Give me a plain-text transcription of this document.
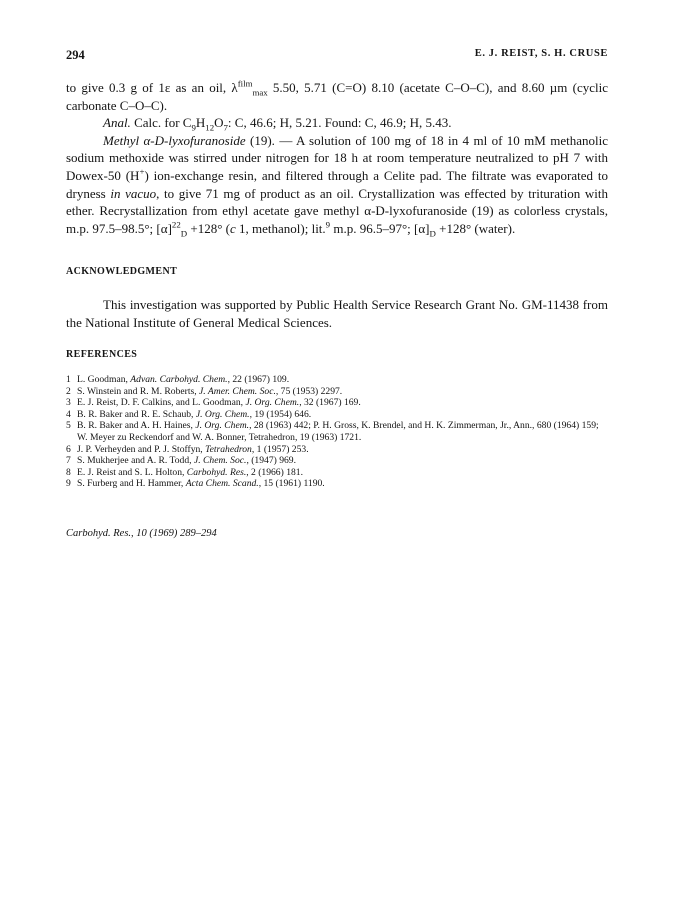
294	E. J. REIST, S. H. CRUSE

to give 0.3 g of 1ε as an oil, $\lambda^{film}_{max}$ 5.50, 5.71 (C=O) 8.10 (acetate C–O–C), and 8.60 µm (cyclic carbonate C–O–C).

Anal. Calc. for $C_9H_{12}O_7$: C, 46.6; H, 5.21. Found: C, 46.9; H, 5.43.

Methyl α-D-lyxofuranoside (19). — A solution of 100 mg of 18 in 4 ml of 10 mM methanolic sodium methoxide was stirred under nitrogen for 18 h at room temperature neutralized to pH 7 with Dowex-50 (H+) ion-exchange resin, and filtered through a Celite pad. The filtrate was evaporated to dryness in vacuo, to give 71 mg of product as an oil. Crystallization was effected by trituration with ether. Recrystallization from ethyl acetate gave methyl α-D-lyxofuranoside (19) as colorless crystals, m.p. 97.5–98.5°; $[\alpha]^{22}_D +128^\circ$ (c 1, methanol); lit.$^9$ m.p. 96.5–97°; $[\alpha]_D +128^\circ$ (water).

ACKNOWLEDGMENT

This investigation was supported by Public Health Service Research Grant No. GM-11438 from the National Institute of General Medical Sciences.

REFERENCES
1 L. Goodman, Advan. Carbohyd. Chem., 22 (1967) 109.
2 S. Winstein and R. M. Roberts, J. Amer. Chem. Soc., 75 (1953) 2297.
3 E. J. Reist, D. F. Calkins, and L. Goodman, J. Org. Chem., 32 (1967) 169.
4 B. R. Baker and R. E. Schaub, J. Org. Chem., 19 (1954) 646.
5 B. R. Baker and A. H. Haines, J. Org. Chem., 28 (1963) 442; P. H. Gross, K. Brendel, and H. K. Zimmerman, Jr., Ann., 680 (1964) 159; W. Meyer zu Reckendorf and W. A. Bonner, Tetrahedron, 19 (1963) 1721.
6 J. P. Verheyden and P. J. Stoffyn, Tetrahedron, 1 (1957) 253.
7 S. Mukherjee and A. R. Todd, J. Chem. Soc., (1947) 969.
8 E. J. Reist and S. L. Holton, Carbohyd. Res., 2 (1966) 181.
9 S. Furberg and H. Hammer, Acta Chem. Scand., 15 (1961) 1190.

Carbohyd. Res., 10 (1969) 289–294
